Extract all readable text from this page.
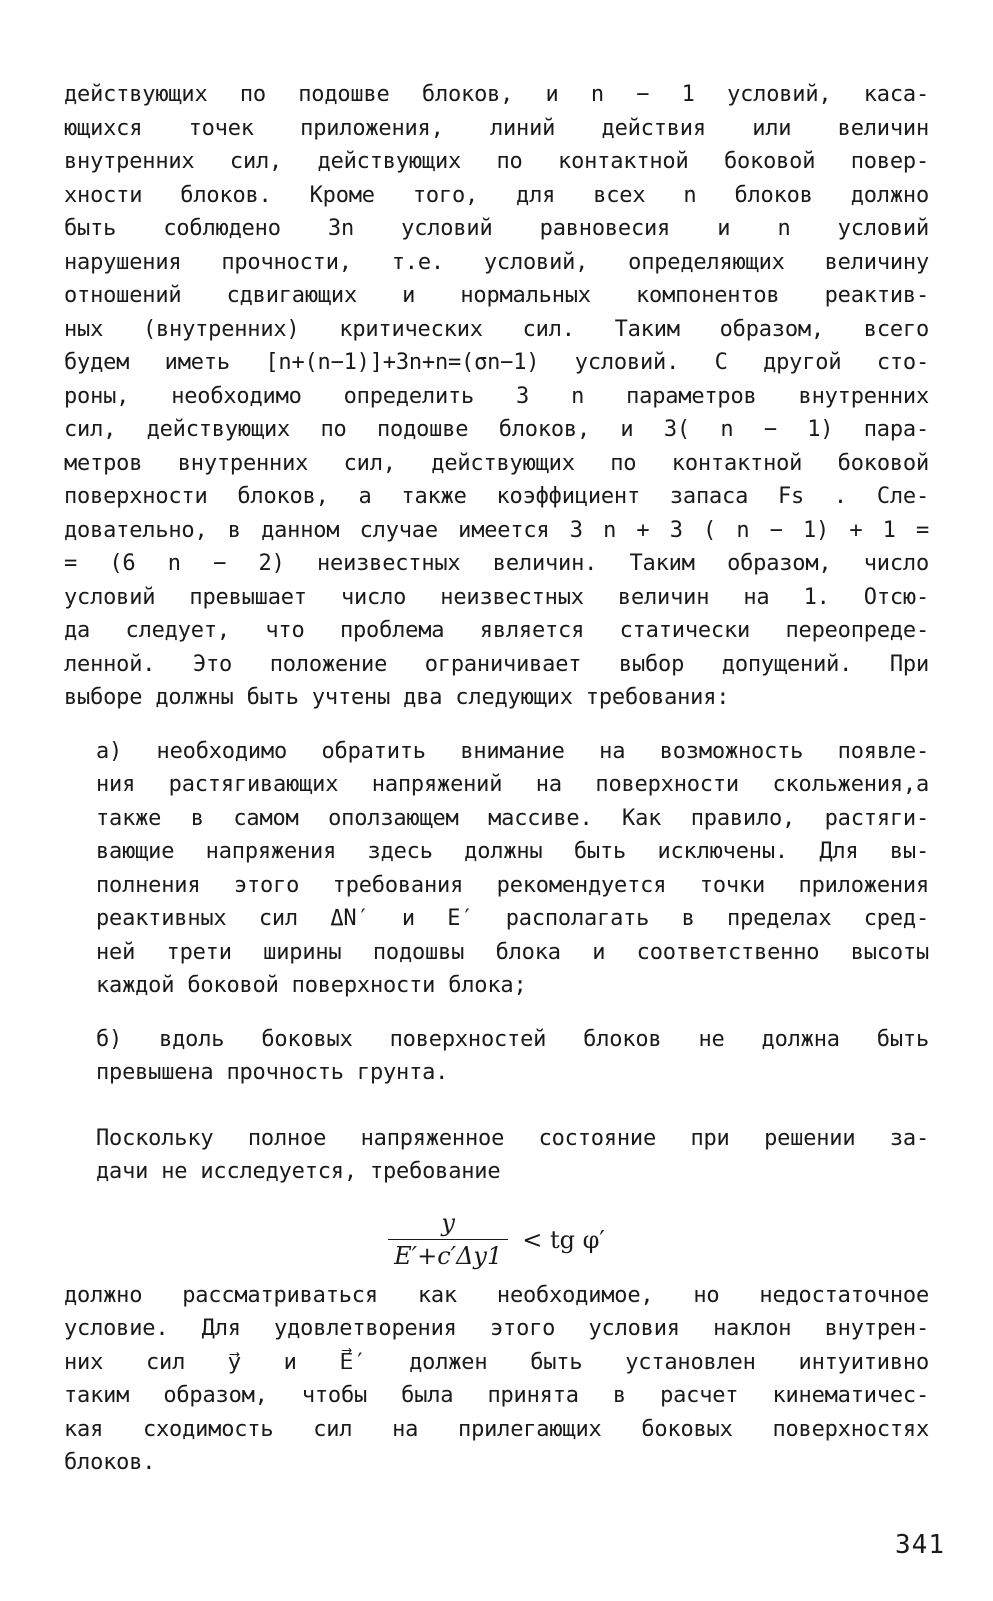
действующих по подошве блоков, и n − 1 условий, каса-
ющихся точек приложения, линий действия или величин
внутренних сил, действующих по контактной боковой повер-
хности блоков. Кроме того, для всех n блоков должно
быть соблюдено 3n условий равновесия и n условий
нарушения прочности, т.е. условий, определяющих величину
отношений сдвигающих и нормальных компонентов реактив-
ных (внутренних) критических сил. Таким образом, всего
будем иметь [n+(n−1)]+3n+n=(σn−1) условий. С другой сто-
роны, необходимо определить 3 n параметров внутренних
сил, действующих по подошве блоков, и 3( n − 1) пара-
метров внутренних сил, действующих по контактной боковой
поверхности блоков, а также коэффициент запаса Fs . Сле-
довательно, в данном случае имеется 3 n + 3 ( n − 1) + 1 =
= (6 n − 2) неизвестных величин. Таким образом, число
условий превышает число неизвестных величин на 1. Отсю-
да следует, что проблема является статически переопреде-
ленной. Это положение ограничивает выбор допущений. При
выборе должны быть учтены два следующих требования:
а) необходимо обратить внимание на возможность появле-
ния растягивающих напряжений на поверхности скольжения,а
также в самом оползающем массиве. Как правило, растяги-
вающие напряжения здесь должны быть исключены. Для вы-
полнения этого требования рекомендуется точки приложения
реактивных сил ΔN′ и E′ располагать в пределах сред-
ней трети ширины подошвы блока и соответственно высоты
каждой боковой поверхности блока;
б) вдоль боковых поверхностей блоков не должна быть
превышена прочность грунта.
Поскольку полное напряженное состояние при решении за-
дачи не исследуется, требование
$\frac{y}{E'+c'\Delta y1}$ < tg φ′
должно рассматриваться как необходимое, но недостаточное
условие. Для удовлетворения этого условия наклон внутрен-
них сил y⃗ и E⃗′ должен быть установлен интуитивно
таким образом, чтобы была принята в расчет кинематичес-
кая сходимость сил на прилегающих боковых поверхностях
блоков.
341
